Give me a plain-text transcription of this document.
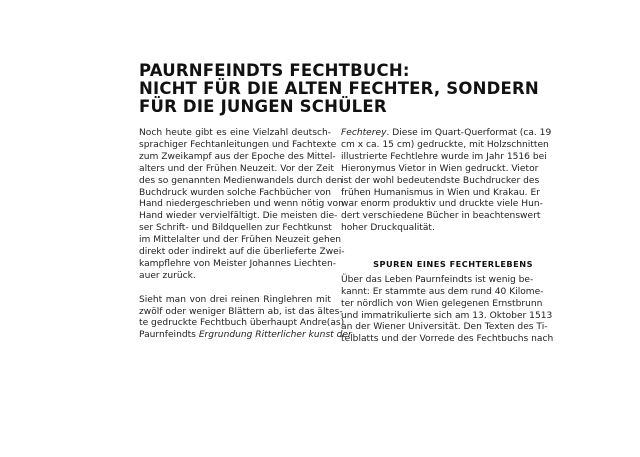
PAURNFEINDTS FECHTBUCH:
NICHT FÜR DIE ALTEN FECHTER, SONDERN
FÜR DIE JUNGEN SCHÜLER

Noch heute gibt es eine Vielzahl deutsch-
sprachiger Fechtanleitungen und Fachtexte
zum Zweikampf aus der Epoche des Mittel-
alters und der Frühen Neuzeit. Vor der Zeit
des so genannten Medienwandels durch den
Buchdruck wurden solche Fachbücher von
Hand niedergeschrieben und wenn nötig von
Hand wieder vervielfältigt. Die meisten die-
ser Schrift- und Bildquellen zur Fechtkunst
im Mittelalter und der Frühen Neuzeit gehen
direkt oder indirekt auf die überlieferte Zwei-
kampflehre von Meister Johannes Liechten-
auer zurück.

Sieht man von drei reinen Ringlehren mit
zwölf oder weniger Blättern ab, ist das ältes-
te gedruckte Fechtbuch überhaupt Andre(as)
Paurnfeindts Ergrundung Ritterlicher kunst der

Fechterey. Diese im Quart-Querformat (ca. 19
cm x ca. 15 cm) gedruckte, mit Holzschnitten
illustrierte Fechtlehre wurde im Jahr 1516 bei
Hieronymus Vietor in Wien gedruckt. Vietor
ist der wohl bedeutendste Buchdrucker des
frühen Humanismus in Wien und Krakau. Er
war enorm produktiv und druckte viele Hun-
dert verschiedene Bücher in beachtenswert
hoher Druckqualität.

SPUREN EINES FECHTERLEBENS

Über das Leben Paurnfeindts ist wenig be-
kannt: Er stammte aus dem rund 40 Kilome-
ter nördlich von Wien gelegenen Ernstbrunn
und immatrikulierte sich am 13. Oktober 1513
an der Wiener Universität. Den Texten des Ti-
telblatts und der Vorrede des Fechtbuchs nach
